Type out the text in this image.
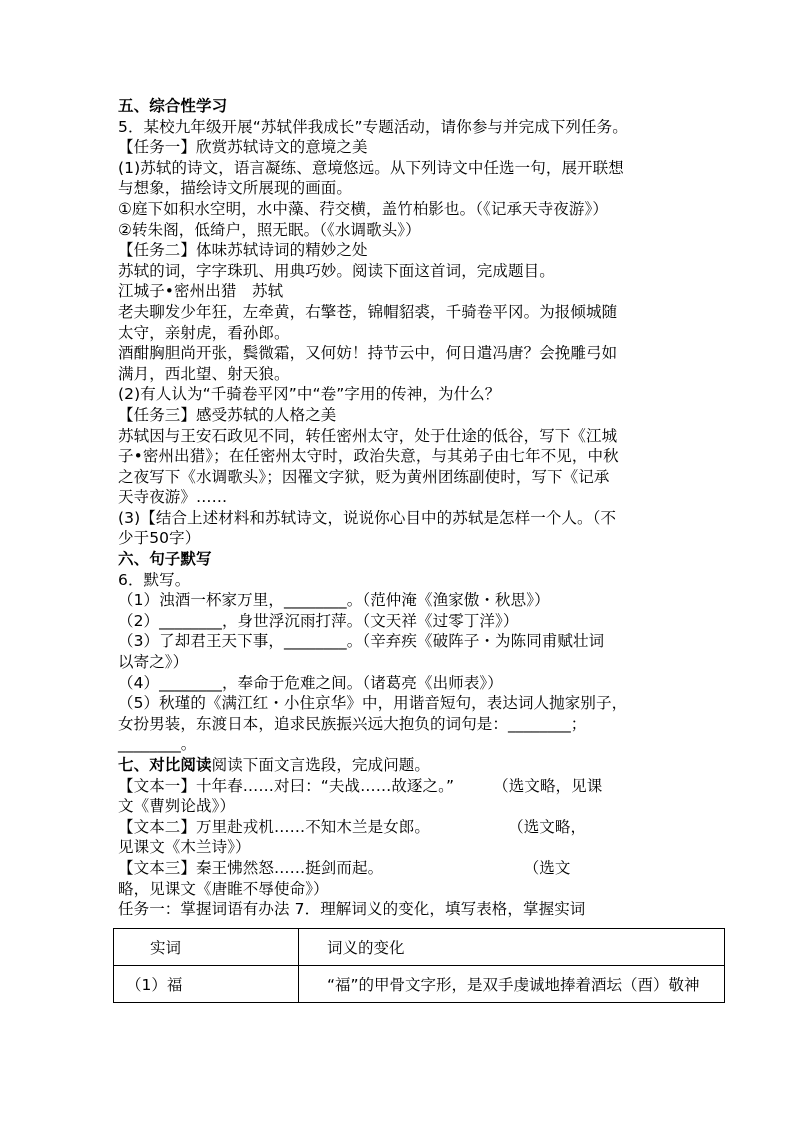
五、综合性学习
5．某校九年级开展“苏轼伴我成长”专题活动，请你参与并完成下列任务。
【任务一】欣赏苏轼诗文的意境之美
(1)苏轼的诗文，语言凝练、意境悠远。从下列诗文中任选一句，展开联想
与想象，描绘诗文所展现的画面。
①庭下如积水空明，水中藻、荇交横，盖竹柏影也。（《记承天寺夜游》）
②转朱阁，低绮户，照无眠。（《水调歌头》）
【任务二】体味苏轼诗词的精妙之处
苏轼的词，字字珠玑、用典巧妙。阅读下面这首词，完成题目。
江城子•密州出猎　苏轼
老夫聊发少年狂，左牵黄，右擎苍，锦帽貂裘，千骑卷平冈。为报倾城随
太守，亲射虎，看孙郎。
酒酣胸胆尚开张，鬓微霜，又何妨！持节云中，何日遣冯唐？会挽雕弓如
满月，西北望、射天狼。
(2)有人认为“千骑卷平冈”中“卷”字用的传神，为什么？
【任务三】感受苏轼的人格之美
苏轼因与王安石政见不同，转任密州太守，处于仕途的低谷，写下《江城
子•密州出猎》；在任密州太守时，政治失意，与其弟子由七年不见，中秋
之夜写下《水调歌头》；因罹文字狱，贬为黄州团练副使时，写下《记承
天寺夜游》……
(3)【结合上述材料和苏轼诗文，说说你心目中的苏轼是怎样一个人。（不
少于50字）
六、句子默写
6．默写。
（1）浊酒一杯家万里，________。（范仲淹《渔家傲・秋思》）
（2）________，身世浮沉雨打萍。（文天祥《过零丁洋》）
（3）了却君王天下事，________。（辛弃疾《破阵子・为陈同甫赋壮词
以寄之》）
（4）________，奉命于危难之间。（诸葛亮《出师表》）
（5）秋瑾的《满江红・小住京华》中，用谐音短句，表达词人抛家别子，
女扮男装，东渡日本，追求民族振兴远大抱负的词句是：________；
________。
七、对比阅读阅读下面文言选段，完成问题。
【文本一】十年春……对曰：“夫战……故逐之。”　　　（选文略，见课
文《曹刿论战》）
【文本二】万里赴戎机……不知木兰是女郎。　　　　　　（选文略，
见课文《木兰诗》）
【文本三】秦王怫然怒……挺剑而起。　　　　　　　　　　（选文
略，见课文《唐睢不辱使命》）
任务一：掌握词语有办法 7．理解词义的变化，填写表格，掌握实词
实词	词义的变化
（1）福	“福”的甲骨文字形，是双手虔诚地捧着酒坛（酉）敬神
